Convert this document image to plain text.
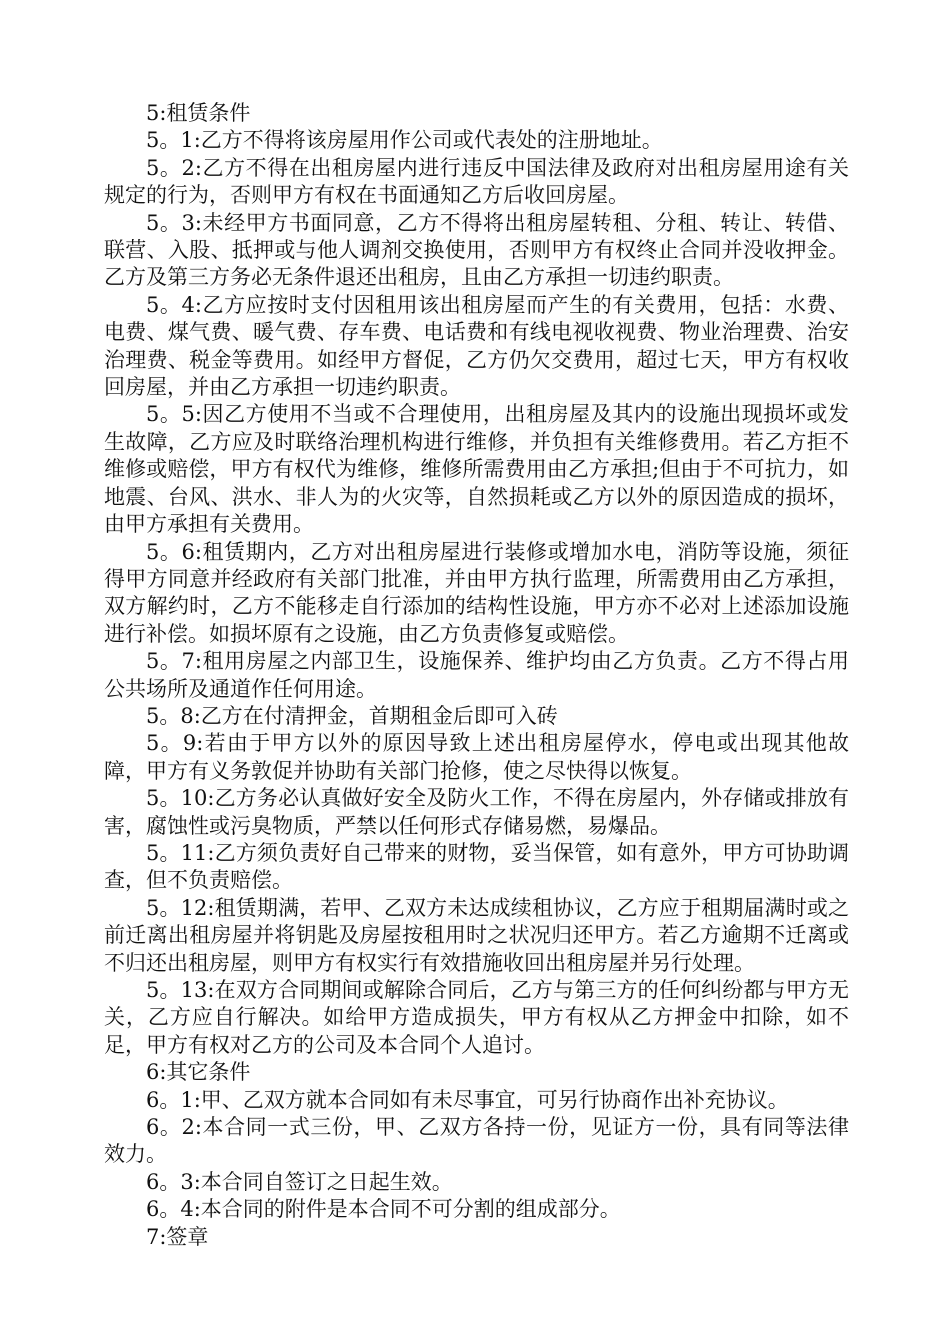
5:租赁条件

5。1:乙方不得将该房屋用作公司或代表处的注册地址。

5。2:乙方不得在出租房屋内进行违反中国法律及政府对出租房屋用途有关规定的行为，否则甲方有权在书面通知乙方后收回房屋。

5。3:未经甲方书面同意，乙方不得将出租房屋转租、分租、转让、转借、联营、入股、抵押或与他人调剂交换使用，否则甲方有权终止合同并没收押金。乙方及第三方务必无条件退还出租房，且由乙方承担一切违约职责。

5。4:乙方应按时支付因租用该出租房屋而产生的有关费用，包括：水费、电费、煤气费、暖气费、存车费、电话费和有线电视收视费、物业治理费、治安治理费、税金等费用。如经甲方督促，乙方仍欠交费用，超过七天，甲方有权收回房屋，并由乙方承担一切违约职责。

5。5:因乙方使用不当或不合理使用，出租房屋及其内的设施出现损坏或发生故障，乙方应及时联络治理机构进行维修，并负担有关维修费用。若乙方拒不维修或赔偿，甲方有权代为维修，维修所需费用由乙方承担;但由于不可抗力，如地震、台风、洪水、非人为的火灾等，自然损耗或乙方以外的原因造成的损坏，由甲方承担有关费用。

5。6:租赁期内，乙方对出租房屋进行装修或增加水电，消防等设施，须征得甲方同意并经政府有关部门批准，并由甲方执行监理，所需费用由乙方承担，双方解约时，乙方不能移走自行添加的结构性设施，甲方亦不必对上述添加设施进行补偿。如损坏原有之设施，由乙方负责修复或赔偿。

5。7:租用房屋之内部卫生，设施保养、维护均由乙方负责。乙方不得占用公共场所及通道作任何用途。

5。8:乙方在付清押金，首期租金后即可入砖

5。9:若由于甲方以外的原因导致上述出租房屋停水，停电或出现其他故障，甲方有义务敦促并协助有关部门抢修，使之尽快得以恢复。

5。10:乙方务必认真做好安全及防火工作，不得在房屋内，外存储或排放有害，腐蚀性或污臭物质，严禁以任何形式存储易燃，易爆品。

5。11:乙方须负责好自己带来的财物，妥当保管，如有意外，甲方可协助调查，但不负责赔偿。

5。12:租赁期满，若甲、乙双方未达成续租协议，乙方应于租期届满时或之前迁离出租房屋并将钥匙及房屋按租用时之状况归还甲方。若乙方逾期不迁离或不归还出租房屋，则甲方有权实行有效措施收回出租房屋并另行处理。

5。13:在双方合同期间或解除合同后，乙方与第三方的任何纠纷都与甲方无关，乙方应自行解决。如给甲方造成损失，甲方有权从乙方押金中扣除，如不足，甲方有权对乙方的公司及本合同个人追讨。

6:其它条件

6。1:甲、乙双方就本合同如有未尽事宜，可另行协商作出补充协议。

6。2:本合同一式三份，甲、乙双方各持一份，见证方一份，具有同等法律效力。

6。3:本合同自签订之日起生效。

6。4:本合同的附件是本合同不可分割的组成部分。

7:签章
